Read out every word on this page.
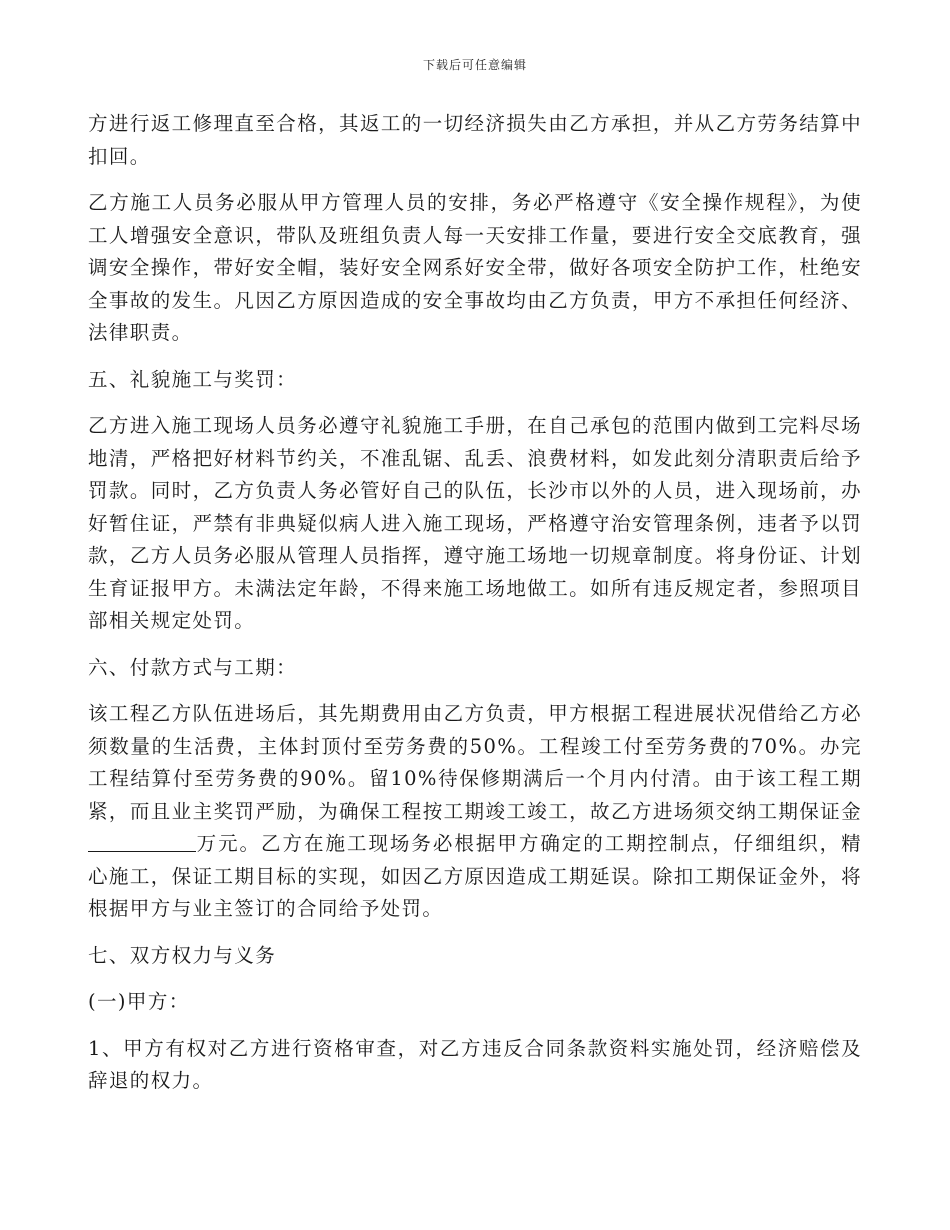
下载后可任意编辑

方进行返工修理直至合格，其返工的一切经济损失由乙方承担，并从乙方劳务结算中扣回。

乙方施工人员务必服从甲方管理人员的安排，务必严格遵守《安全操作规程》，为使工人增强安全意识，带队及班组负责人每一天安排工作量，要进行安全交底教育，强调安全操作，带好安全帽，装好安全网系好安全带，做好各项安全防护工作，杜绝安全事故的发生。凡因乙方原因造成的安全事故均由乙方负责，甲方不承担任何经济、法律职责。

五、礼貌施工与奖罚：

乙方进入施工现场人员务必遵守礼貌施工手册，在自己承包的范围内做到工完料尽场地清，严格把好材料节约关，不准乱锯、乱丢、浪费材料，如发此刻分清职责后给予罚款。同时，乙方负责人务必管好自己的队伍，长沙市以外的人员，进入现场前，办好暂住证，严禁有非典疑似病人进入施工现场，严格遵守治安管理条例，违者予以罚款，乙方人员务必服从管理人员指挥，遵守施工场地一切规章制度。将身份证、计划生育证报甲方。未满法定年龄，不得来施工场地做工。如所有违反规定者，参照项目部相关规定处罚。

六、付款方式与工期：

该工程乙方队伍进场后，其先期费用由乙方负责，甲方根据工程进展状况借给乙方必须数量的生活费，主体封顶付至劳务费的50%。工程竣工付至劳务费的70%。办完工程结算付至劳务费的90%。留10%待保修期满后一个月内付清。由于该工程工期紧，而且业主奖罚严励，为确保工程按工期竣工竣工，故乙方进场须交纳工期保证金万元。乙方在施工现场务必根据甲方确定的工期控制点，仔细组织，精心施工，保证工期目标的实现，如因乙方原因造成工期延误。除扣工期保证金外，将根据甲方与业主签订的合同给予处罚。

七、双方权力与义务

(一)甲方：

1、甲方有权对乙方进行资格审查，对乙方违反合同条款资料实施处罚，经济赔偿及辞退的权力。
